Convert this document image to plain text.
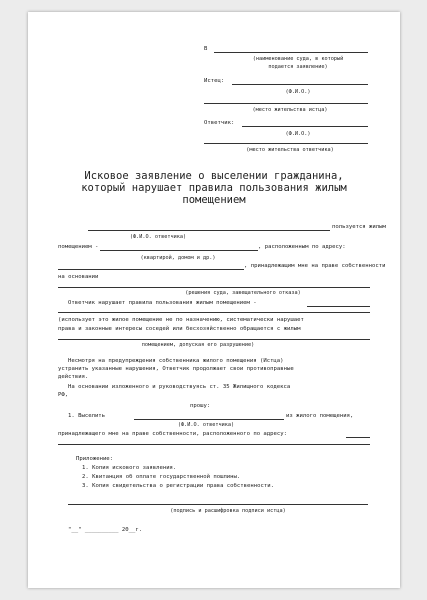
В
(наименование суда, в который
подается заявление)
Истец:
(Ф.И.О.)
(место жительства истца)
Ответчик:
(Ф.И.О.)
(место жительства ответчика)
Исковое заявление о выселении гражданина,
который нарушает правила пользования жилым
помещением
пользуется жилым
(Ф.И.О. ответчика)
помещением -	, расположенным по адресу:
(квартирой, домом и др.)
, принадлежащим мне на праве собственности
на основании
(решения суда, завещательного отказа)
Ответчик нарушает правила пользования жилым помещением -
(использует это жилое помещение не по назначению, систематически нарушает
права и законные интересы соседей или бесхозяйственно обращается с жилым
помещением, допуская его разрушение)
Несмотря на предупреждения собственника жилого помещения (Истца)
устранить указанные нарушения, Ответчик продолжает свои противоправные
действия.
На основании изложенного и руководствуясь ст. 35 Жилищного кодекса
РФ,
прошу:
1. Выселить	из жилого помещения,
(Ф.И.О. ответчика)
принадлежащего мне на праве собственности, расположенного по адресу:
Приложение:
1. Копия искового заявления.
2. Квитанция об оплате государственной пошлины.
3. Копия свидетельства о регистрации права собственности.
(подпись и расшифровка подписи истца)
"__" __________ 20__г.
